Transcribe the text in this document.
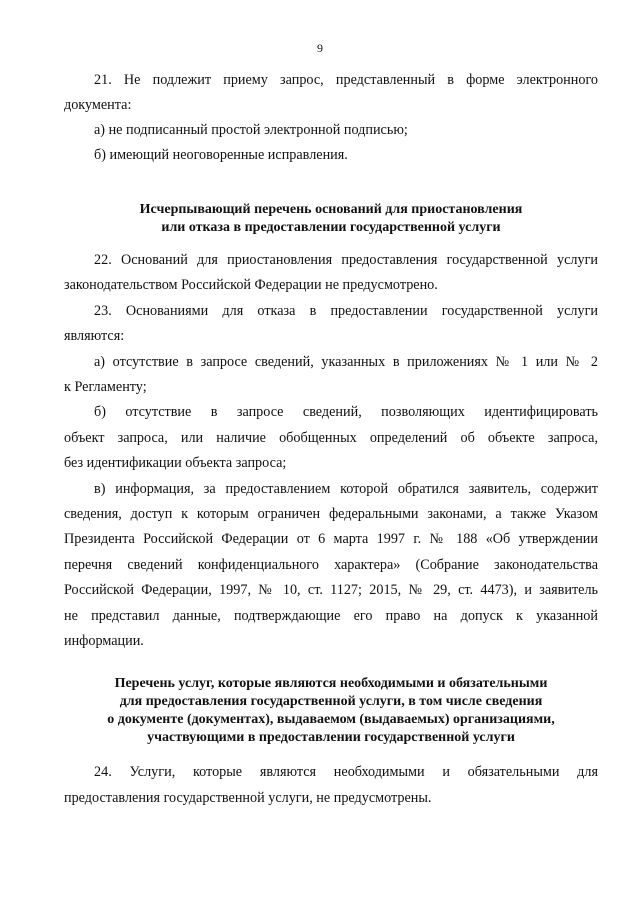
9

21. Не подлежит приему запрос, представленный в форме электронного

документа:

а) не подписанный простой электронной подписью;

б) имеющий неоговоренные исправления.

Исчерпывающий перечень оснований для приостановления
или отказа в предоставлении государственной услуги

22. Оснований для приостановления предоставления государственной услуги

законодательством Российской Федерации не предусмотрено.

23. Основаниями для отказа в предоставлении государственной услуги

являются:

а) отсутствие в запросе сведений, указанных в приложениях № 1 или № 2

к Регламенту;

б) отсутствие в запросе сведений, позволяющих идентифицировать

объект запроса, или наличие обобщенных определений об объекте запроса,

без идентификации объекта запроса;

в) информация, за предоставлением которой обратился заявитель, содержит

сведения, доступ к которым ограничен федеральными законами, а также Указом

Президента Российской Федерации от 6 марта 1997 г. № 188 «Об утверждении

перечня сведений конфиденциального характера» (Собрание законодательства

Российской Федерации, 1997, № 10, ст. 1127; 2015, № 29, ст. 4473), и заявитель

не представил данные, подтверждающие его право на допуск к указанной

информации.

Перечень услуг, которые являются необходимыми и обязательными
для предоставления государственной услуги, в том числе сведения
о документе (документах), выдаваемом (выдаваемых) организациями,
участвующими в предоставлении государственной услуги

24. Услуги, которые являются необходимыми и обязательными для

предоставления государственной услуги, не предусмотрены.
